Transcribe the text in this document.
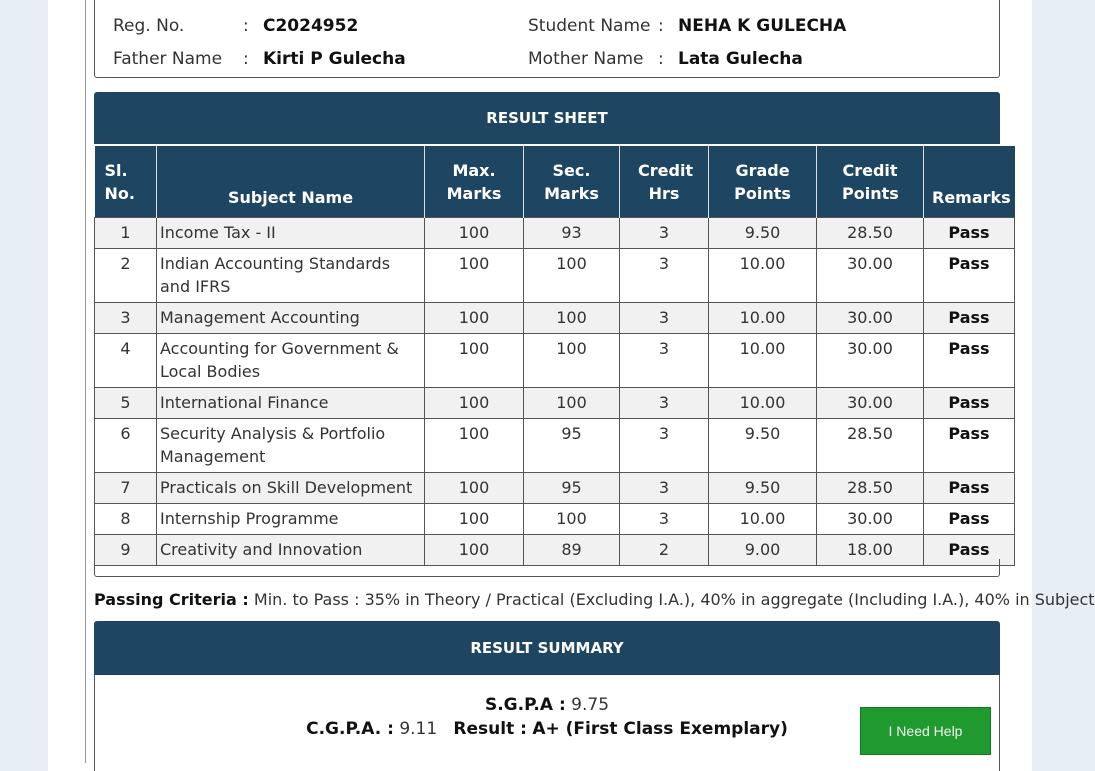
Reg. No.	: C2024952	Student Name : NEHA K GULECHA
Father Name : Kirti P Gulecha	Mother Name : Lata Gulecha
RESULT SHEET
Sl. No.	Subject Name	Max. Marks	Sec. Marks	Credit Hrs	Grade Points	Credit Points	Remarks
1	Income Tax - II	100	93	3	9.50	28.50	Pass
2	Indian Accounting Standards and IFRS	100	100	3	10.00	30.00	Pass
3	Management Accounting	100	100	3	10.00	30.00	Pass
4	Accounting for Government & Local Bodies	100	100	3	10.00	30.00	Pass
5	International Finance	100	100	3	10.00	30.00	Pass
6	Security Analysis & Portfolio Management	100	95	3	9.50	28.50	Pass
7	Practicals on Skill Development	100	95	3	9.50	28.50	Pass
8	Internship Programme	100	100	3	10.00	30.00	Pass
9	Creativity and Innovation	100	89	2	9.00	18.00	Pass
Passing Criteria : Min. to Pass : 35% in Theory / Practical (Excluding I.A.), 40% in aggregate (Including I.A.), 40% in Subject
RESULT SUMMARY
S.G.P.A : 9.75
C.G.P.A. : 9.11 Result : A+ (First Class Exemplary)	I Need Help
